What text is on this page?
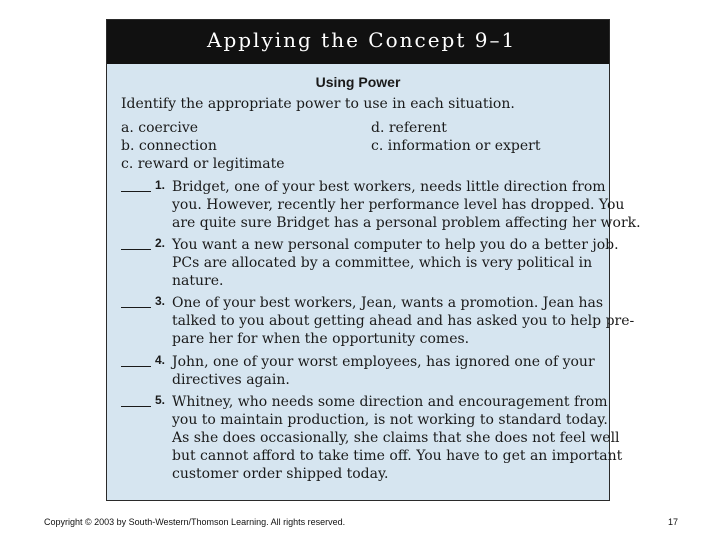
Applying the Concept 9–1
Using Power
Identify the appropriate power to use in each situation.
a. coercive
b. connection
c. reward or legitimate
d. referent
c. information or expert
1. Bridget, one of your best workers, needs little direction from
you. However, recently her performance level has dropped. You
are quite sure Bridget has a personal problem affecting her work.
2. You want a new personal computer to help you do a better job.
PCs are allocated by a committee, which is very political in
nature.
3. One of your best workers, Jean, wants a promotion. Jean has
talked to you about getting ahead and has asked you to help pre-
pare her for when the opportunity comes.
4. John, one of your worst employees, has ignored one of your
directives again.
5. Whitney, who needs some direction and encouragement from
you to maintain production, is not working to standard today.
As she does occasionally, she claims that she does not feel well
but cannot afford to take time off. You have to get an important
customer order shipped today.
Copyright © 2003 by South-Western/Thomson Learning. All rights reserved.	17
